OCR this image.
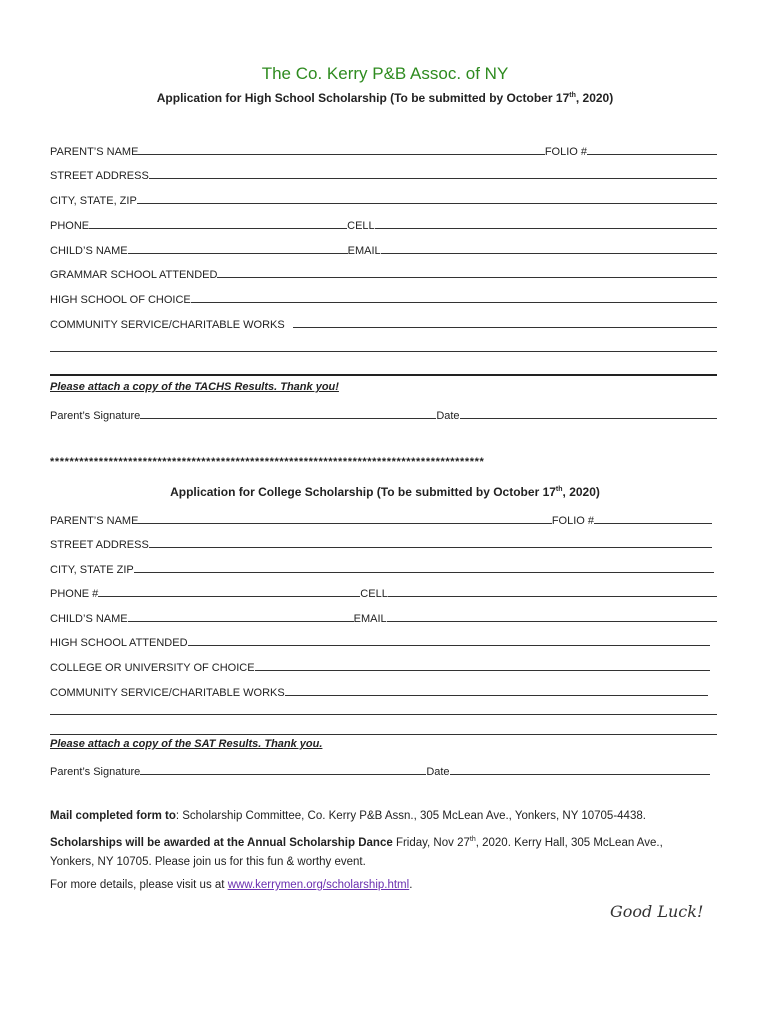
The Co. Kerry P&B Assoc. of NY
Application for High School Scholarship (To be submitted by October 17th, 2020)
PARENT’S NAME	FOLIO #
STREET ADDRESS
CITY, STATE, ZIP
PHONE	CELL
CHILD’S NAME	EMAIL
GRAMMAR SCHOOL ATTENDED
HIGH SCHOOL OF CHOICE
COMMUNITY SERVICE/CHARITABLE WORKS
Please attach a copy of the TACHS Results. Thank you!
Parent’s Signature	Date
*****************************************************************************************
Application for College Scholarship (To be submitted by October 17th, 2020)
PARENT’S NAME	FOLIO #
STREET ADDRESS
CITY, STATE ZIP
PHONE #	CELL
CHILD’S NAME	EMAIL
HIGH SCHOOL ATTENDED
COLLEGE OR UNIVERSITY OF CHOICE
COMMUNITY SERVICE/CHARITABLE WORKS
Please attach a copy of the SAT Results. Thank you.
Parent’s Signature	Date
Mail completed form to: Scholarship Committee, Co. Kerry P&B Assn., 305 McLean Ave., Yonkers, NY 10705-4438.
Scholarships will be awarded at the Annual Scholarship Dance Friday, Nov 27th, 2020. Kerry Hall, 305 McLean Ave.,
Yonkers, NY 10705. Please join us for this fun & worthy event.
For more details, please visit us at www.kerrymen.org/scholarship.html.
Good Luck!
